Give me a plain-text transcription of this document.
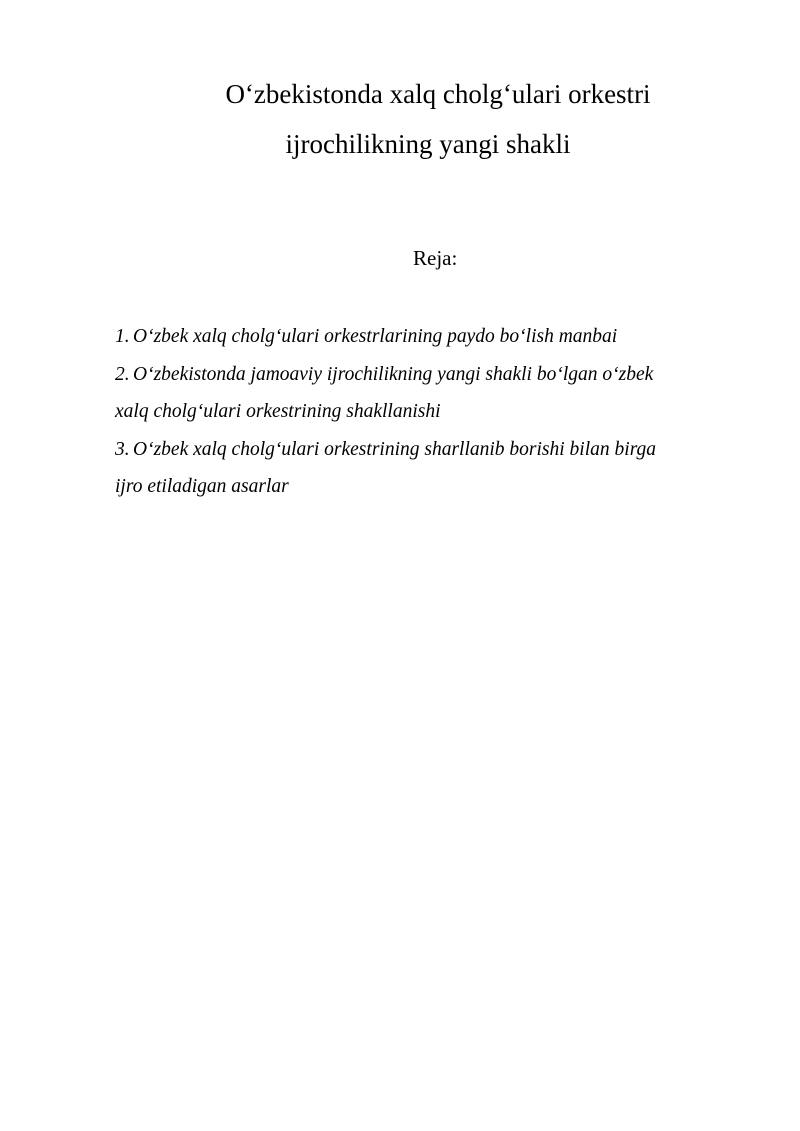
O‘zbekistonda xalq cholg‘ulari orkestri
ijrochilikning yangi shakli
Reja:
1. O‘zbek xalq cholg‘ulari orkestrlarining paydo bo‘lish manbai
2. O‘zbekistonda jamoaviy ijrochilikning yangi shakli bo‘lgan o‘zbek
xalq cholg‘ulari orkestrining shakllanishi
3. O‘zbek xalq cholg‘ulari orkestrining sharllanib borishi bilan birga
ijro etiladigan asarlar
